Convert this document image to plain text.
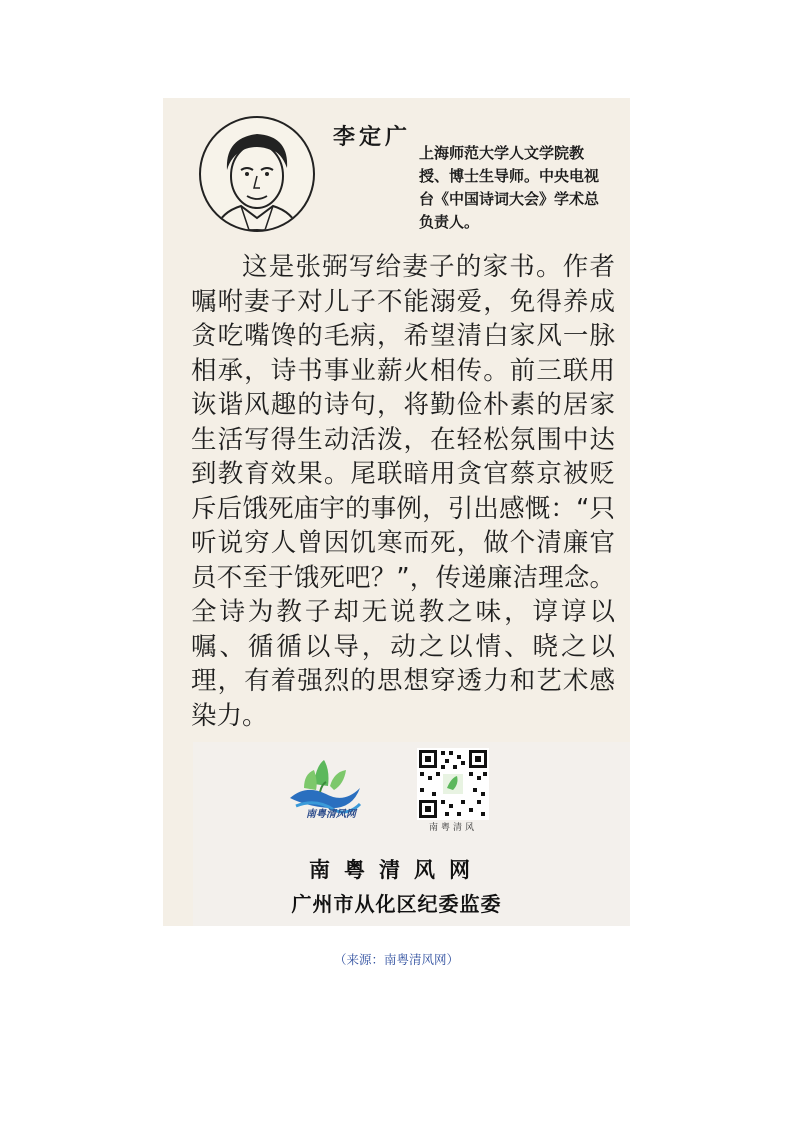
李定广
上海师范大学人文学院教授、博士生导师。中央电视台《中国诗词大会》学术总负责人。
这是张弼写给妻子的家书。作者嘱咐妻子对儿子不能溺爱，免得养成贪吃嘴馋的毛病，希望清白家风一脉相承，诗书事业薪火相传。前三联用诙谐风趣的诗句，将勤俭朴素的居家生活写得生动活泼，在轻松氛围中达到教育效果。尾联暗用贪官蔡京被贬斥后饿死庙宇的事例，引出感慨：“只听说穷人曾因饥寒而死，做个清廉官员不至于饿死吧？”，传递廉洁理念。全诗为教子却无说教之味，谆谆以嘱、循循以导，动之以情、晓之以理，有着强烈的思想穿透力和艺术感染力。
南粤清风网
南粤清风
南粤清风网
广州市从化区纪委监委
（来源：南粤清风网）
